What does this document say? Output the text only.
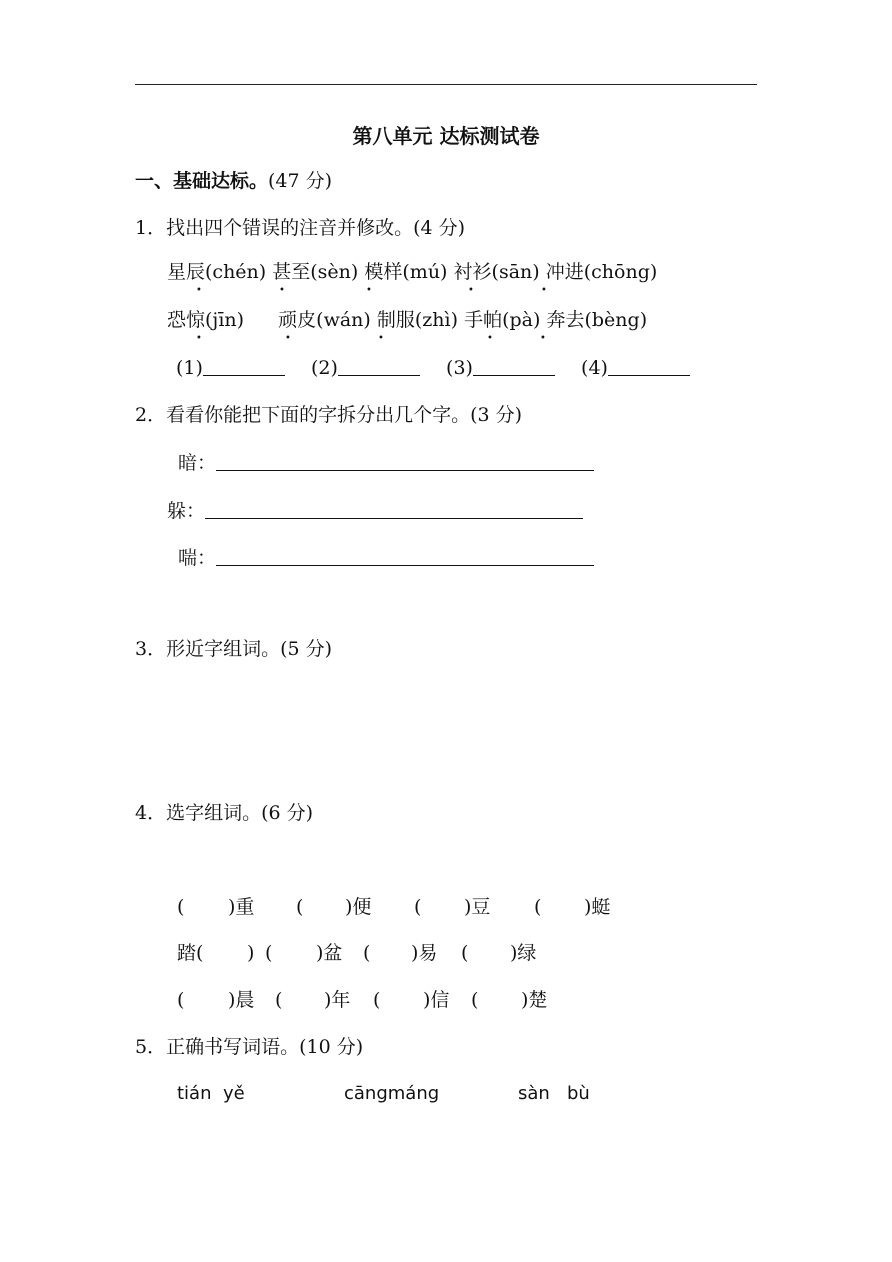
第八单元 达标测试卷
一、基础达标。(47 分)
1．找出四个错误的注音并修改。(4 分)
星辰(chén) 甚至(sèn) 模样(mú) 衬衫(sān) 冲进(chōng)
恐惊(jīn) 顽皮(wán) 制服(zhì) 手帕(pà) 奔去(bèng)
•	•	•	•	•
•	•	•	•	•
(1)	(2)	(3)	(4)
2．看看你能把下面的字拆分出几个字。(3 分)
暗：
躲：
喘：
3．形近字组词。(5 分)
4．选字组词。(6 分)
( )重 ( )便 ( )豆 ( )蜓
踏( ) ( )盆 ( )易 ( )绿
( )晨 ( )年 ( )信 ( )楚
5．正确书写词语。(10 分)
tián  yě	cāngmáng	sàn   bù
